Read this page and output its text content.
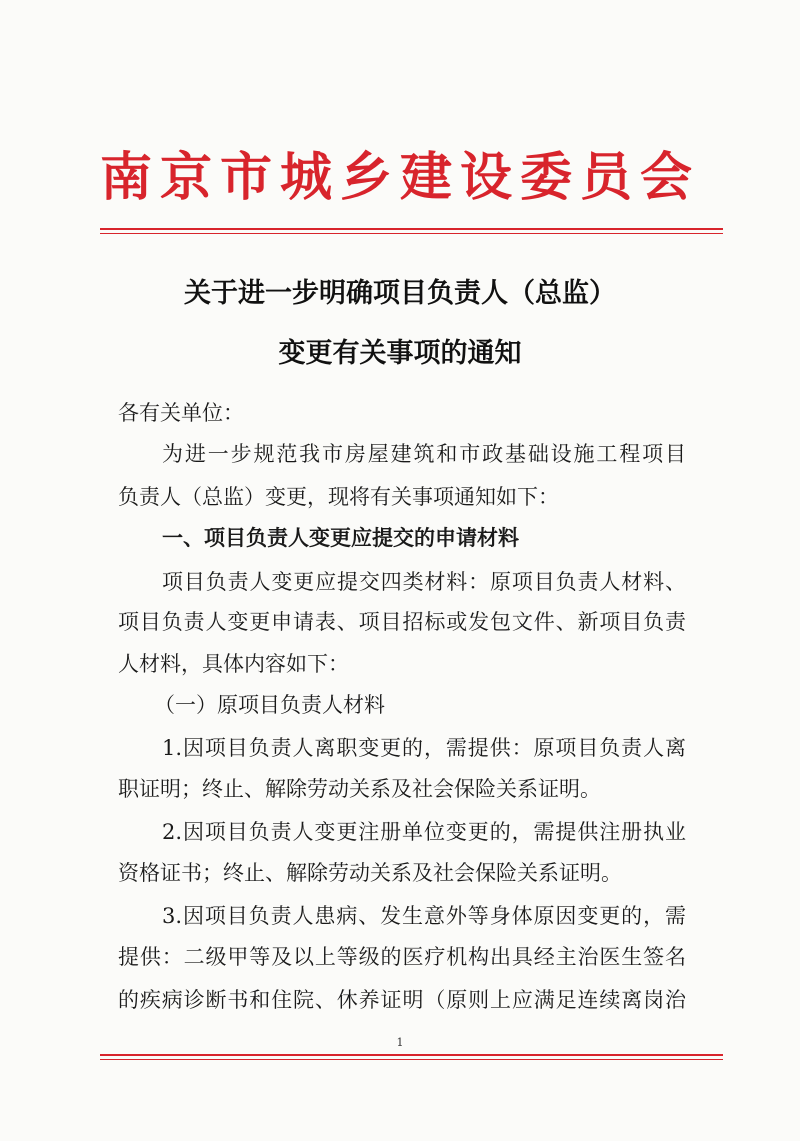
南京市城乡建设委员会
关于进一步明确项目负责人（总监）
变更有关事项的通知
各有关单位：
为进一步规范我市房屋建筑和市政基础设施工程项目
负责人（总监）变更，现将有关事项通知如下：
一、项目负责人变更应提交的申请材料
项目负责人变更应提交四类材料：原项目负责人材料、
项目负责人变更申请表、项目招标或发包文件、新项目负责
人材料，具体内容如下：
（一）原项目负责人材料
1.因项目负责人离职变更的，需提供：原项目负责人离
职证明；终止、解除劳动关系及社会保险关系证明。
2.因项目负责人变更注册单位变更的，需提供注册执业
资格证书；终止、解除劳动关系及社会保险关系证明。
3.因项目负责人患病、发生意外等身体原因变更的，需
提供：二级甲等及以上等级的医疗机构出具经主治医生签名
的疾病诊断书和住院、休养证明（原则上应满足连续离岗治
1
